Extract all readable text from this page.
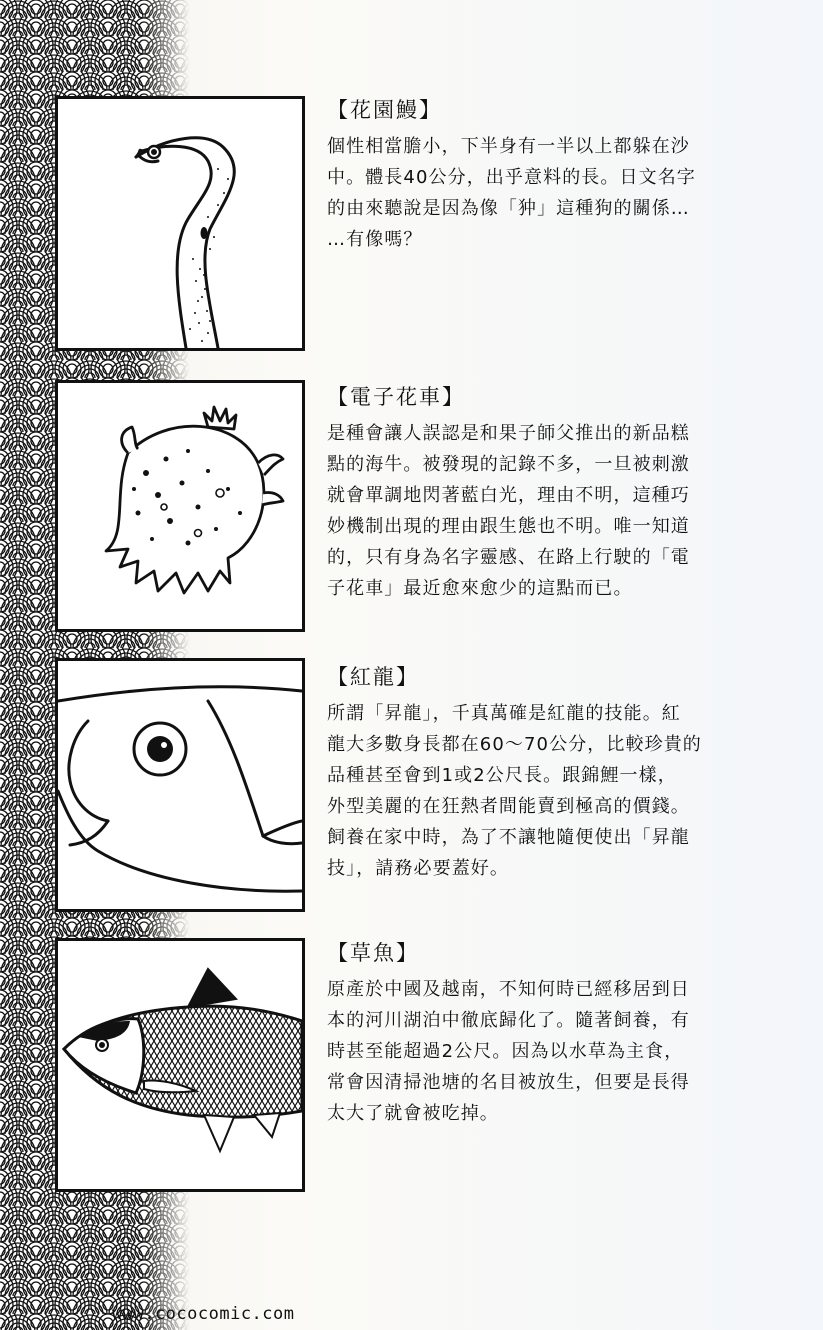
【花園鰻】

個性相當膽小，下半身有一半以上都躲在沙
中。體長40公分，出乎意料的長。日文名字
的由來聽說是因為像「狆」這種狗的關係…
…有像嗎？

【電子花車】

是種會讓人誤認是和果子師父推出的新品糕
點的海牛。被發現的記錄不多，一旦被刺激
就會單調地閃著藍白光，理由不明，這種巧
妙機制出現的理由跟生態也不明。唯一知道
的，只有身為名字靈感、在路上行駛的「電
子花車」最近愈來愈少的這點而已。

【紅龍】

所謂「昇龍」，千真萬確是紅龍的技能。紅
龍大多數身長都在60～70公分，比較珍貴的
品種甚至會到1或2公尺長。跟錦鯉一樣，
外型美麗的在狂熱者間能賣到極高的價錢。
飼養在家中時，為了不讓牠隨便使出「昇龍
技」，請務必要蓋好。

【草魚】

原產於中國及越南，不知何時已經移居到日
本的河川湖泊中徹底歸化了。隨著飼養，有
時甚至能超過2公尺。因為以水草為主食，
常會因清掃池塘的名目被放生，但要是長得
太大了就會被吃掉。

www.cococomic.com
